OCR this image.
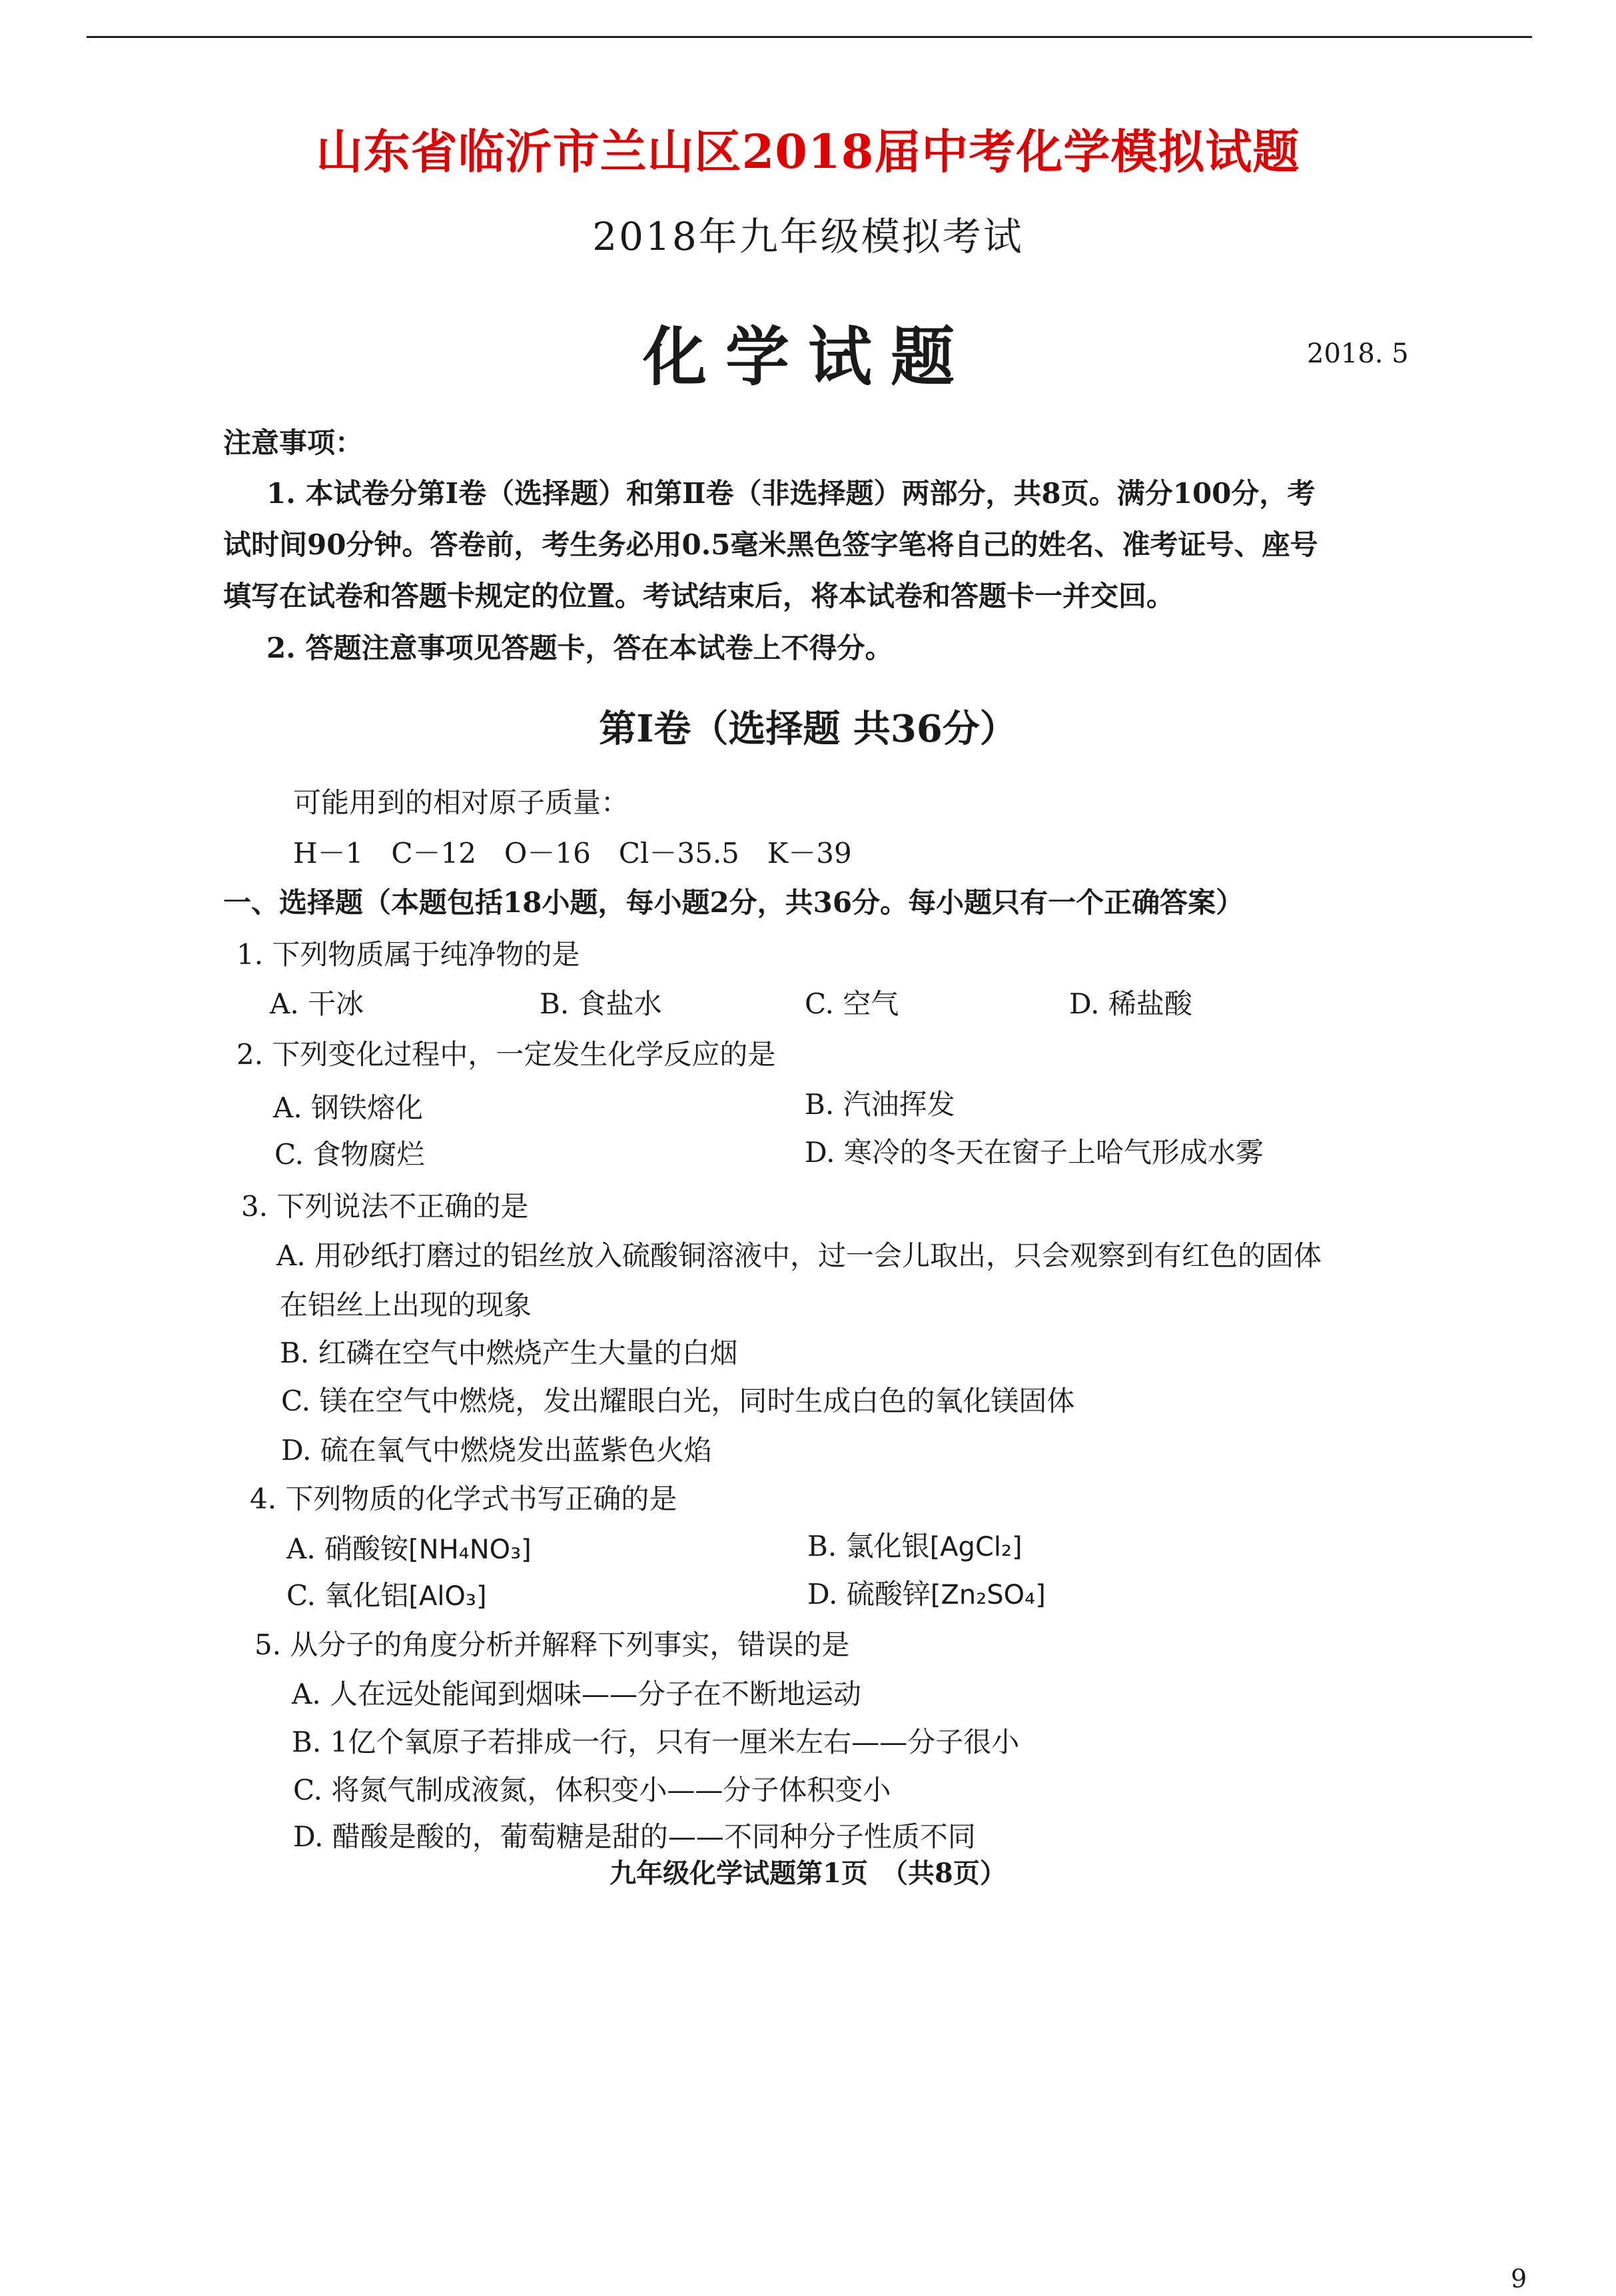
山东省临沂市兰山区2018届中考化学模拟试题
2018年九年级模拟考试
化学试题	2018. 5
注意事项：
1. 本试卷分第Ⅰ卷（选择题）和第Ⅱ卷（非选择题）两部分，共8页。满分100分，考
试时间90分钟。答卷前，考生务必用0.5毫米黑色签字笔将自己的姓名、准考证号、座号
填写在试卷和答题卡规定的位置。考试结束后，将本试卷和答题卡一并交回。
2. 答题注意事项见答题卡，答在本试卷上不得分。
第Ⅰ卷（选择题 共36分）
可能用到的相对原子质量：
H－1　C－12　O－16　Cl－35.5　K－39
一、选择题（本题包括18小题，每小题2分，共36分。每小题只有一个正确答案）
1. 下列物质属于纯净物的是
A. 干冰	B. 食盐水	C. 空气	D. 稀盐酸
2. 下列变化过程中，一定发生化学反应的是
A. 钢铁熔化	B. 汽油挥发
C. 食物腐烂	D. 寒冷的冬天在窗子上哈气形成水雾
3. 下列说法不正确的是
A. 用砂纸打磨过的铝丝放入硫酸铜溶液中，过一会儿取出，只会观察到有红色的固体
在铝丝上出现的现象
B. 红磷在空气中燃烧产生大量的白烟
C. 镁在空气中燃烧，发出耀眼白光，同时生成白色的氧化镁固体
D. 硫在氧气中燃烧发出蓝紫色火焰
4. 下列物质的化学式书写正确的是
A. 硝酸铵[NH₄NO₃]	B. 氯化银[AgCl₂]
C. 氧化铝[AlO₃]	D. 硫酸锌[Zn₂SO₄]
5. 从分子的角度分析并解释下列事实，错误的是
A. 人在远处能闻到烟味——分子在不断地运动
B. 1亿个氧原子若排成一行，只有一厘米左右——分子很小
C. 将氮气制成液氮，体积变小——分子体积变小
D. 醋酸是酸的，葡萄糖是甜的——不同种分子性质不同
九年级化学试题第1页　（共8页）
9
